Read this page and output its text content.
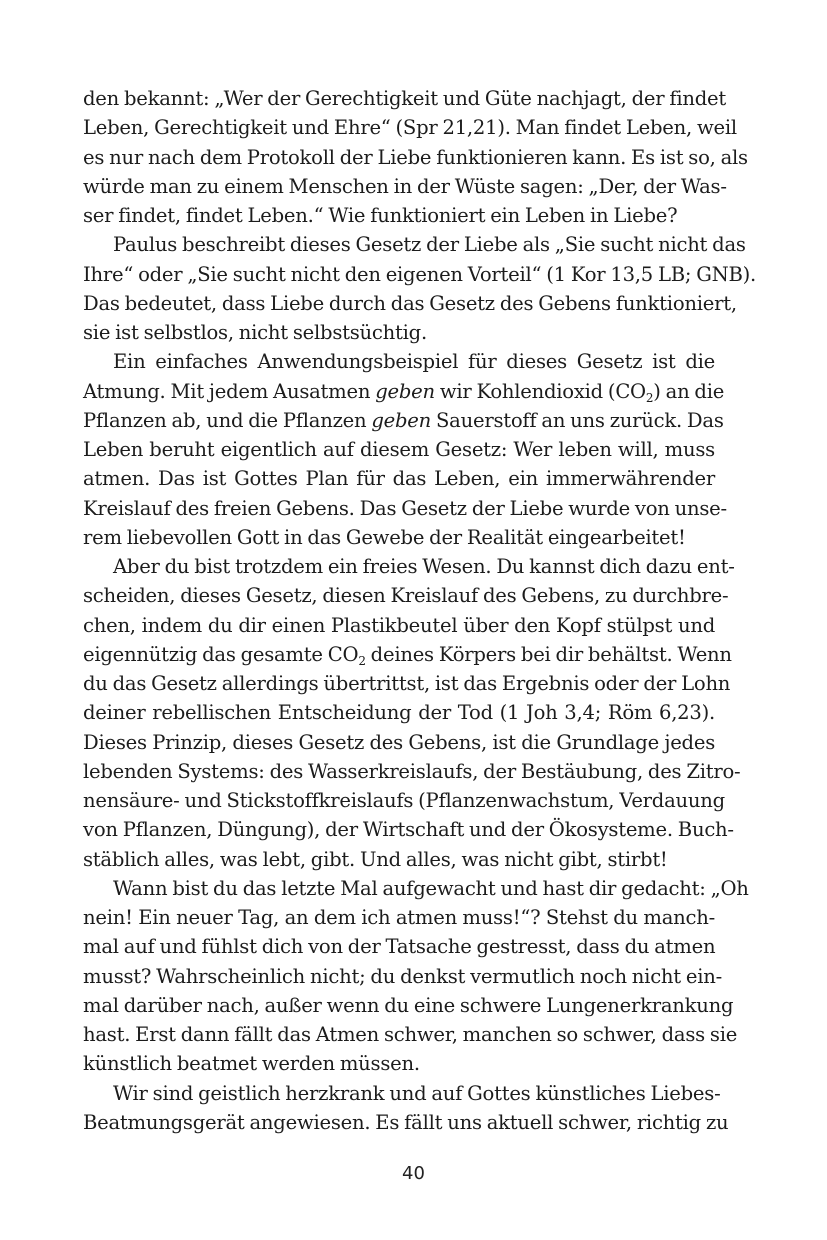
den bekannt: „Wer der Gerechtigkeit und Güte nachjagt, der findet
Leben, Gerechtigkeit und Ehre“ (Spr 21,21). Man findet Leben, weil
es nur nach dem Protokoll der Liebe funktionieren kann. Es ist so, als
würde man zu einem Menschen in der Wüste sagen: „Der, der Was-
ser findet, findet Leben.“ Wie funktioniert ein Leben in Liebe?
Paulus beschreibt dieses Gesetz der Liebe als „Sie sucht nicht das
Ihre“ oder „Sie sucht nicht den eigenen Vorteil“ (1 Kor 13,5 LB; GNB).
Das bedeutet, dass Liebe durch das Gesetz des Gebens funktioniert,
sie ist selbstlos, nicht selbstsüchtig.
Ein einfaches Anwendungsbeispiel für dieses Gesetz ist die
Atmung. Mit jedem Ausatmen geben wir Kohlendioxid $(CO_2)$ an die
Pflanzen ab, und die Pflanzen geben Sauerstoff an uns zurück. Das
Leben beruht eigentlich auf diesem Gesetz: Wer leben will, muss
atmen. Das ist Gottes Plan für das Leben, ein immerwährender
Kreislauf des freien Gebens. Das Gesetz der Liebe wurde von unse-
rem liebevollen Gott in das Gewebe der Realität eingearbeitet!
Aber du bist trotzdem ein freies Wesen. Du kannst dich dazu ent-
scheiden, dieses Gesetz, diesen Kreislauf des Gebens, zu durchbre-
chen, indem du dir einen Plastikbeutel über den Kopf stülpst und
eigennützig das gesamte $CO_2$ deines Körpers bei dir behältst. Wenn
du das Gesetz allerdings übertrittst, ist das Ergebnis oder der Lohn
deiner rebellischen Entscheidung der Tod (1 Joh 3,4; Röm 6,23).
Dieses Prinzip, dieses Gesetz des Gebens, ist die Grundlage jedes
lebenden Systems: des Wasserkreislaufs, der Bestäubung, des Zitro-
nensäure- und Stickstoffkreislaufs (Pflanzenwachstum, Verdauung
von Pflanzen, Düngung), der Wirtschaft und der Ökosysteme. Buch-
stäblich alles, was lebt, gibt. Und alles, was nicht gibt, stirbt!
Wann bist du das letzte Mal aufgewacht und hast dir gedacht: „Oh
nein! Ein neuer Tag, an dem ich atmen muss!“? Stehst du manch-
mal auf und fühlst dich von der Tatsache gestresst, dass du atmen
musst? Wahrscheinlich nicht; du denkst vermutlich noch nicht ein-
mal darüber nach, außer wenn du eine schwere Lungenerkrankung
hast. Erst dann fällt das Atmen schwer, manchen so schwer, dass sie
künstlich beatmet werden müssen.
Wir sind geistlich herzkrank und auf Gottes künstliches Liebes-
Beatmungsgerät angewiesen. Es fällt uns aktuell schwer, richtig zu
40
